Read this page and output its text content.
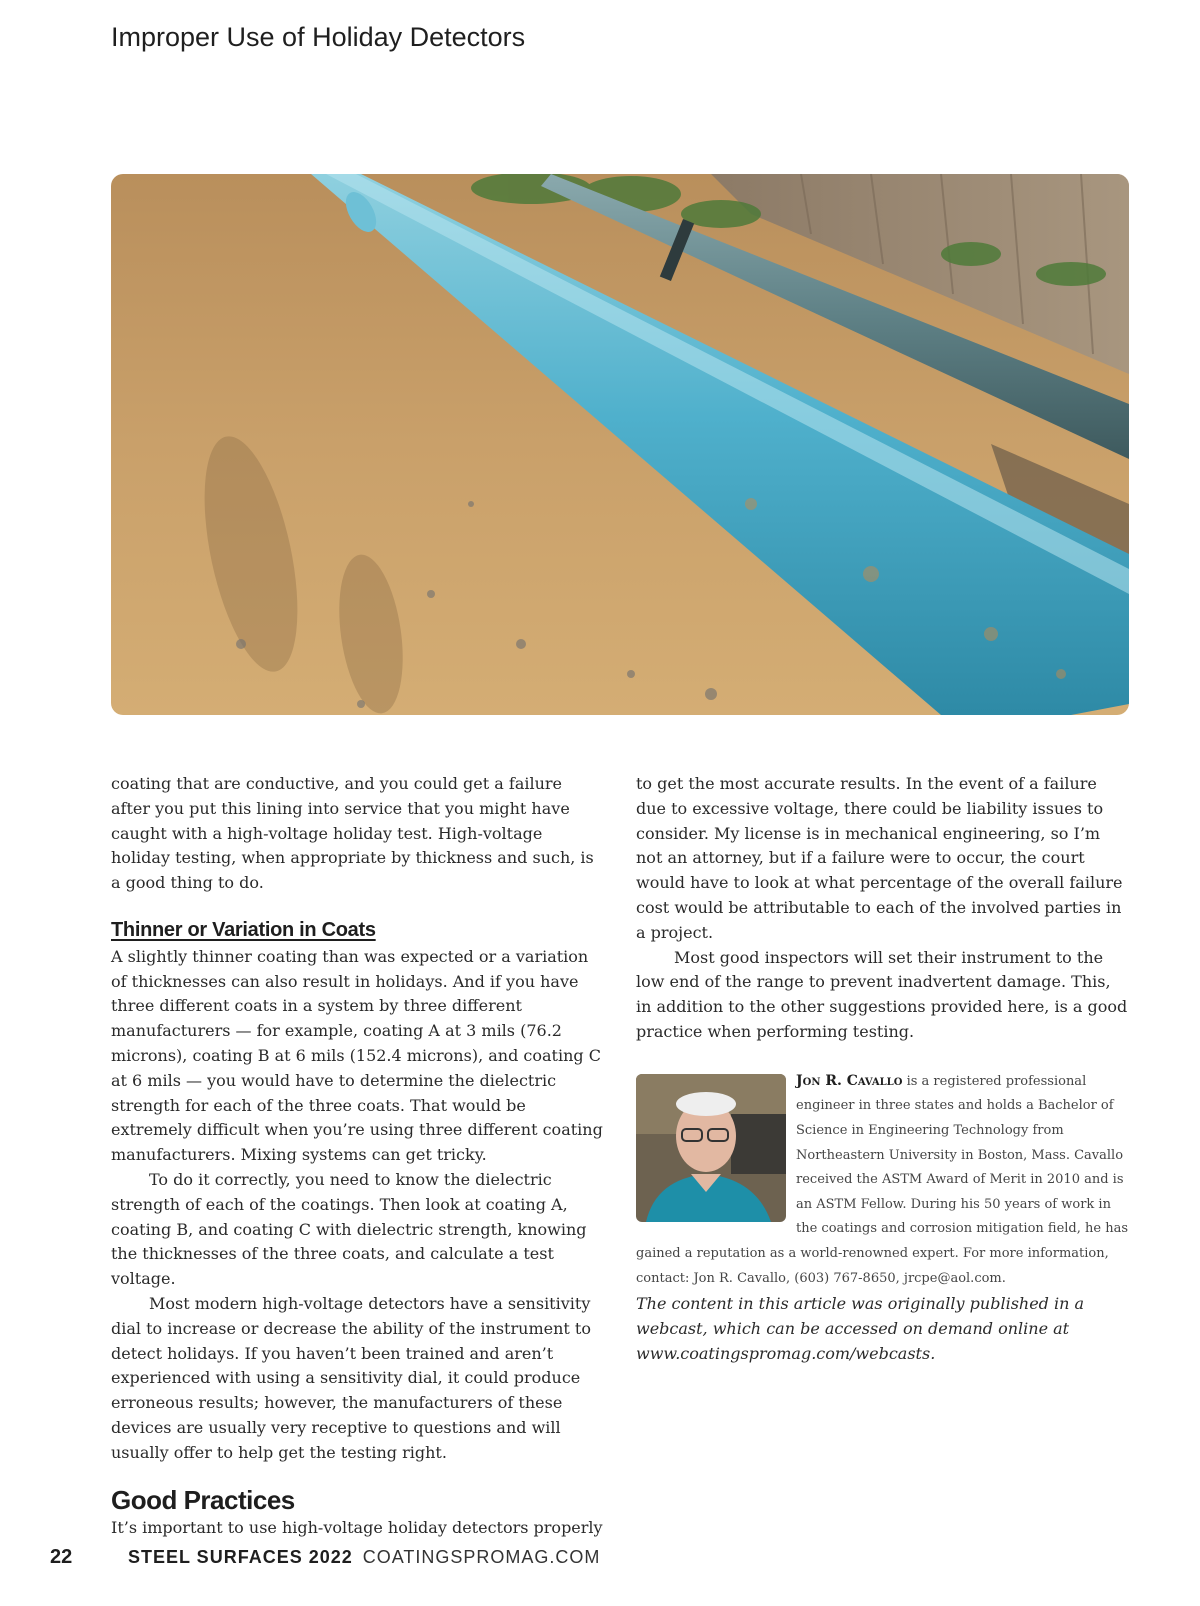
Improper Use of Holiday Detectors

coating that are conductive, and you could get a failure after you put this lining into service that you might have caught with a high-voltage holiday test. High-voltage holiday testing, when appropriate by thickness and such, is a good thing to do.

Thinner or Variation in Coats

A slightly thinner coating than was expected or a variation of thicknesses can also result in holidays. And if you have three different coats in a system by three different manufacturers — for example, coating A at 3 mils (76.2 microns), coating B at 6 mils (152.4 microns), and coating C at 6 mils — you would have to determine the dielectric strength for each of the three coats. That would be extremely difficult when you’re using three different coating manufacturers. Mixing systems can get tricky.

To do it correctly, you need to know the dielectric strength of each of the coatings. Then look at coating A, coating B, and coating C with dielectric strength, knowing the thicknesses of the three coats, and calculate a test voltage.

Most modern high-voltage detectors have a sensitivity dial to increase or decrease the ability of the instrument to detect holidays. If you haven’t been trained and aren’t experienced with using a sensitivity dial, it could produce erroneous results; however, the manufacturers of these devices are usually very receptive to questions and will usually offer to help get the testing right.

Good Practices

It’s important to use high-voltage holiday detectors properly

to get the most accurate results. In the event of a failure due to excessive voltage, there could be liability issues to consider. My license is in mechanical engineering, so I’m not an attorney, but if a failure were to occur, the court would have to look at what percentage of the overall failure cost would be attributable to each of the involved parties in a project.

Most good inspectors will set their instrument to the low end of the range to prevent inadvertent damage. This, in addition to the other suggestions provided here, is a good practice when performing testing.

Jon R. Cavallo
is a registered professional engineer in three states and holds a Bachelor of Science in Engineering Technology from Northeastern University in Boston, Mass. Cavallo received the ASTM Award of Merit in 2010 and is an ASTM Fellow. During his 50 years of work in the coatings and corrosion mitigation field, he has gained a reputation as a world-renowned expert. For more information, contact: Jon R. Cavallo, (603) 767-8650, jrcpe@aol.com.

The content in this article was originally published in a webcast, which can be accessed on demand online at www.coatingspromag.com/webcasts.

22	STEEL SURFACES 2022 COATINGSPROMAG.COM
